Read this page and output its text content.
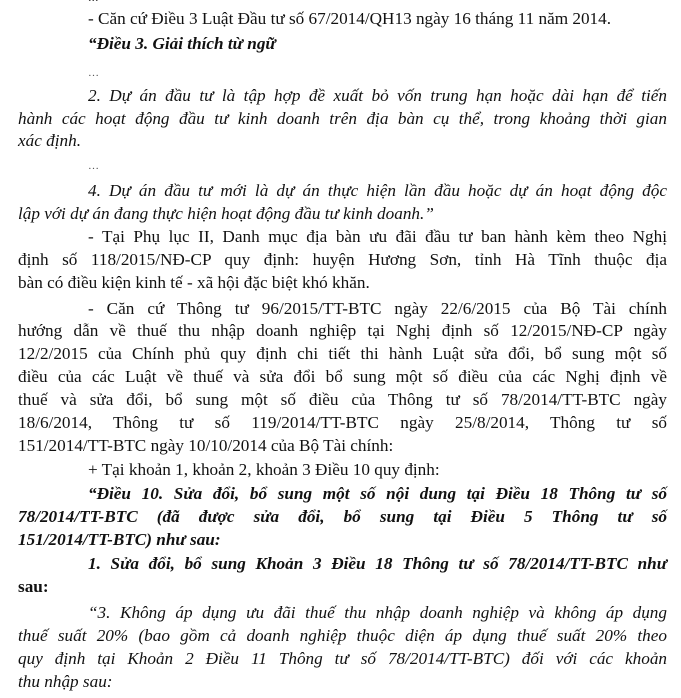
- Căn cứ Điều 3 Luật Đầu tư số 67/2014/QH13 ngày 16 tháng 11 năm 2014.
“Điều 3. Giải thích từ ngữ
…
2. Dự án đầu tư là tập hợp đề xuất bỏ vốn trung hạn hoặc dài hạn để tiến
hành các hoạt động đầu tư kinh doanh trên địa bàn cụ thể, trong khoảng thời gian
xác định.
…
4. Dự án đầu tư mới là dự án thực hiện lần đầu hoặc dự án hoạt động độc
lập với dự án đang thực hiện hoạt động đầu tư kinh doanh.”
- Tại Phụ lục II, Danh mục địa bàn ưu đãi đầu tư ban hành kèm theo Nghị
định số 118/2015/NĐ-CP quy định: huyện Hương Sơn, tỉnh Hà Tĩnh thuộc địa
bàn có điều kiện kinh tế - xã hội đặc biệt khó khăn.
- Căn cứ Thông tư 96/2015/TT-BTC ngày 22/6/2015 của Bộ Tài chính
hướng dẫn về thuế thu nhập doanh nghiệp tại Nghị định số 12/2015/NĐ-CP ngày
12/2/2015 của Chính phủ quy định chi tiết thi hành Luật sửa đổi, bổ sung một số
điều của các Luật về thuế và sửa đổi bổ sung một số điều của các Nghị định về
thuế và sửa đổi, bổ sung một số điều của Thông tư số 78/2014/TT-BTC ngày
18/6/2014, Thông tư số 119/2014/TT-BTC ngày 25/8/2014, Thông tư số
151/2014/TT-BTC ngày 10/10/2014 của Bộ Tài chính:
+ Tại khoản 1, khoản 2, khoản 3 Điều 10 quy định:
“Điều 10. Sửa đổi, bổ sung một số nội dung tại Điều 18 Thông tư số
78/2014/TT-BTC (đã được sửa đổi, bổ sung tại Điều 5 Thông tư số
151/2014/TT-BTC) như sau:
1. Sửa đổi, bổ sung Khoản 3 Điều 18 Thông tư số 78/2014/TT-BTC như
sau:
“3. Không áp dụng ưu đãi thuế thu nhập doanh nghiệp và không áp dụng
thuế suất 20% (bao gồm cả doanh nghiệp thuộc diện áp dụng thuế suất 20% theo
quy định tại Khoản 2 Điều 11 Thông tư số 78/2014/TT-BTC) đối với các khoản
thu nhập sau:
